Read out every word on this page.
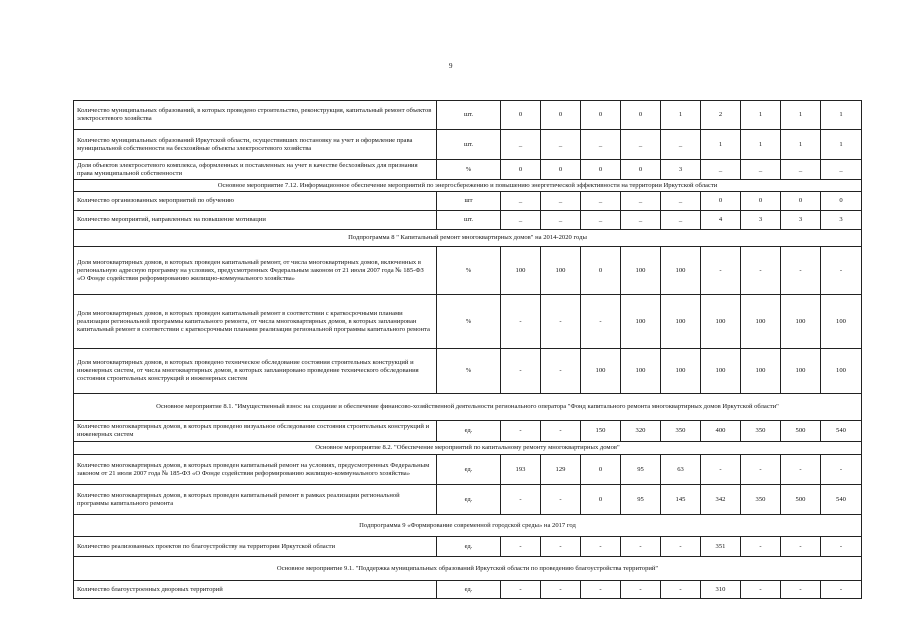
9
Количество муниципальных образований, в которых проведено строительство, реконструкция, капитальный ремонт объектов электросетевого хозяйства	шт.	0	0	0	0	1	2	1	1	1
Количество муниципальных образований Иркутской области, осуществивших постановку на учет и оформление права муниципальной собственности на бесхозяйные объекты электросетевого хозяйства	шт.	_	_	_	_	_	1	1	1	1
Доля объектов электросетевого комплекса, оформленных и поставленных на учет в качестве бесхозяйных для признания права муниципальной собственности	%	0	0	0	0	3	_	_	_	_
Основное мероприятие 7.12. Информационное обеспечение мероприятий по энергосбережению и повышению энергетической эффективности на территории Иркутской области										
Количество организованных мероприятий по обучению	шт	_	_	_	_	_	0	0	0	0
Количество мероприятий, направленных на повышение мотивации	шт.	_	_	_	_	_	4	3	3	3
Подпрограмма 8 " Капитальный ремонт многоквартирных домов" на 2014-2020 годы										
Доля многоквартирных домов, в которых проведен капитальный ремонт, от числа многоквартирных домов, включенных в региональную адресную программу на условиях, предусмотренных Федеральным законом от 21 июля 2007 года № 185-ФЗ «О Фонде содействия реформированию жилищно-коммунального хозяйства»	%	100	100	0	100	100	-	-	-	-
Доля многоквартирных домов, в которых проведен капитальный ремонт в соответствии с краткосрочными планами реализации региональной программы капитального ремонта, от числа многоквартирных домов, в которых запланирован капитальный ремонт в соответствии с краткосрочными планами реализации региональной программы капитального ремонта	%	-	-	-	100	100	100	100	100	100
Доля многоквартирных домов, в которых проведено техническое обследование состояния строительных конструкций и инженерных систем, от числа многоквартирных домов, в которых запланировано проведение технического обследования состояния строительных конструкций и инженерных систем	%	-	-	100	100	100	100	100	100	100
Основное мероприятие 8.1. "Имущественный взнос на создание и обеспечение финансово-хозяйственной деятельности регионального оператора "Фонд капитального ремонта многоквартирных домов Иркутской области"										
Количество многоквартирных домов, в которых проведено визуальное обследование состояния строительных конструкций и инженерных систем	ед.	-	-	150	320	350	400	350	500	540
Основное мероприятие 8.2. "Обеспечение мероприятий по капитальному ремонту многоквартирных домов"										
Количество многоквартирных домов, в которых проведен капитальный ремонт на условиях, предусмотренных Федеральным законом от 21 июля 2007 года № 185-ФЗ «О Фонде содействия реформированию жилищно-коммунального хозяйства»	ед.	193	129	0	95	63	-	-	-	-
Количество многоквартирных домов, в которых проведен капитальный ремонт в рамках реализации региональной программы капитального ремонта	ед.	-	-	0	95	145	342	350	500	540
Подпрограмма 9 «Формирование современной городской среды» на 2017 год										
Количество реализованных проектов по благоустройству на территории Иркутской области	ед.	-	-	-	-	-	351	-	-	-
Основное мероприятие 9.1. "Поддержка муниципальных образований Иркутской области по проведению благоустройства территорий"										
Количество благоустроенных дворовых территорий	ед.	-	-	-	-	-	310	-	-	-
